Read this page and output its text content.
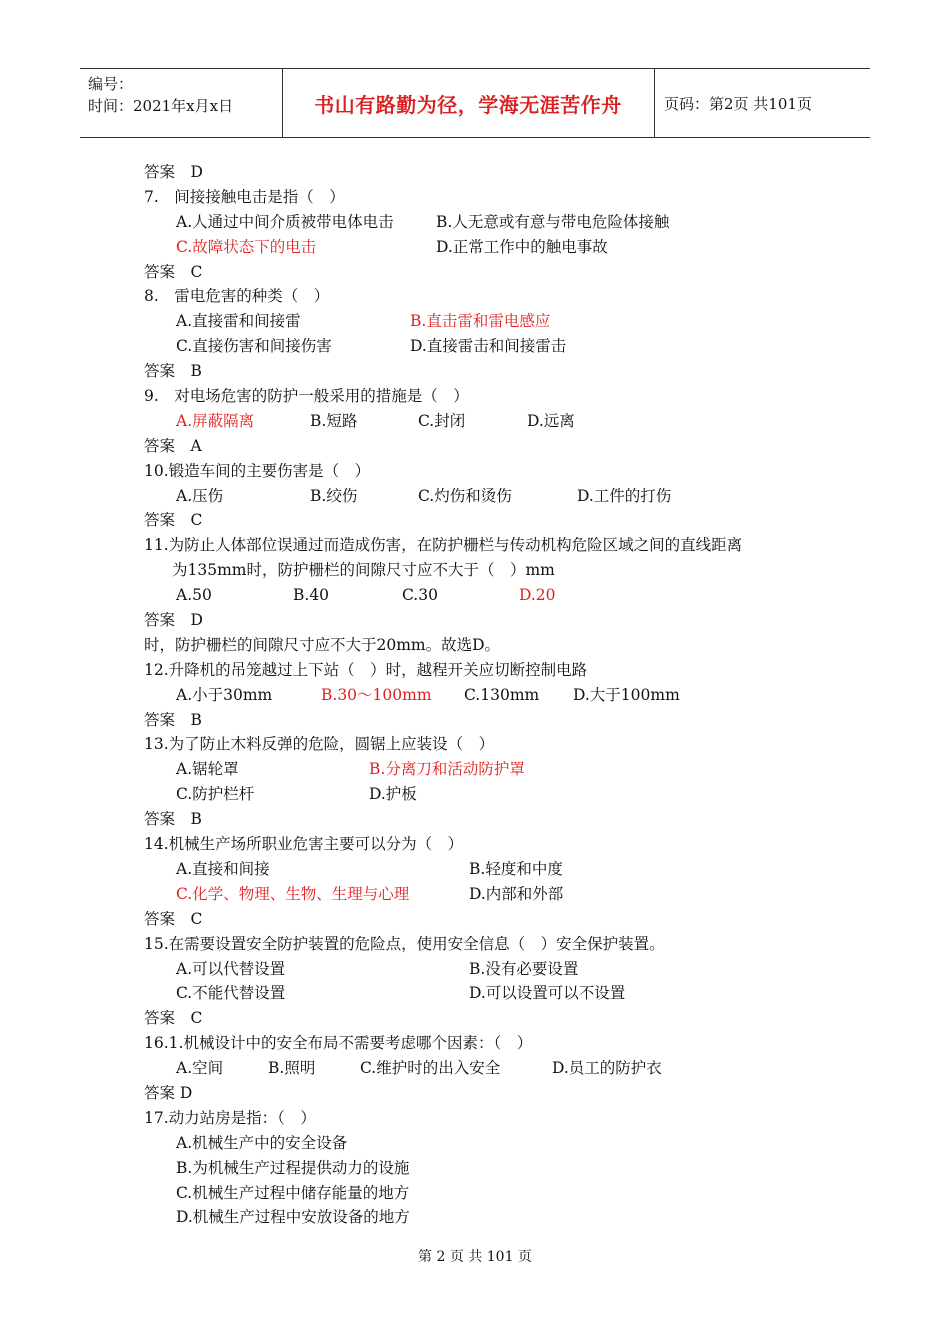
编号：
时间：2021年x月x日	书山有路勤为径，学海无涯苦作舟	页码：第2页 共101页
答案　D
7.　间接接触电击是指（　）
A.人通过中间介质被带电体电击	B.人无意或有意与带电危险体接触
C.故障状态下的电击	D.正常工作中的触电事故
答案　C
8.　雷电危害的种类（　）
A.直接雷和间接雷	B.直击雷和雷电感应
C.直接伤害和间接伤害	D.直接雷击和间接雷击
答案　B
9.　对电场危害的防护一般采用的措施是（　）
A.屏蔽隔离	B.短路	C.封闭	D.远离
答案　A
10.锻造车间的主要伤害是（　）
A.压伤	B.绞伤	C.灼伤和烫伤	D.工件的打伤
答案　C
11.为防止人体部位误通过而造成伤害，在防护栅栏与传动机构危险区域之间的直线距离
为135mm时，防护栅栏的间隙尺寸应不大于（　）mm
A.50	B.40	C.30	D.20
答案　D
时，防护栅栏的间隙尺寸应不大于20mm。故选D。
12.升降机的吊笼越过上下站（　）时，越程开关应切断控制电路
A.小于30mm	B.30～100mm C.130mm D.大于100mm
答案　B
13.为了防止木料反弹的危险，圆锯上应装设（　）
A.锯轮罩	B.分离刀和活动防护罩
C.防护栏杆	D.护板
答案　B
14.机械生产场所职业危害主要可以分为（　）
A.直接和间接	B.轻度和中度
C.化学、物理、生物、生理与心理	D.内部和外部
答案　C
15.在需要设置安全防护装置的危险点，使用安全信息（　）安全保护装置。
A.可以代替设置	B.没有必要设置
C.不能代替设置	D.可以设置可以不设置
答案　C
16.1.机械设计中的安全布局不需要考虑哪个因素：（　）
A.空间	B.照明	C.维护时的出入安全	D.员工的防护衣
答案 D
17.动力站房是指：（　）
A.机械生产中的安全设备
B.为机械生产过程提供动力的设施
C.机械生产过程中储存能量的地方
D.机械生产过程中安放设备的地方
第 2 页 共 101 页
